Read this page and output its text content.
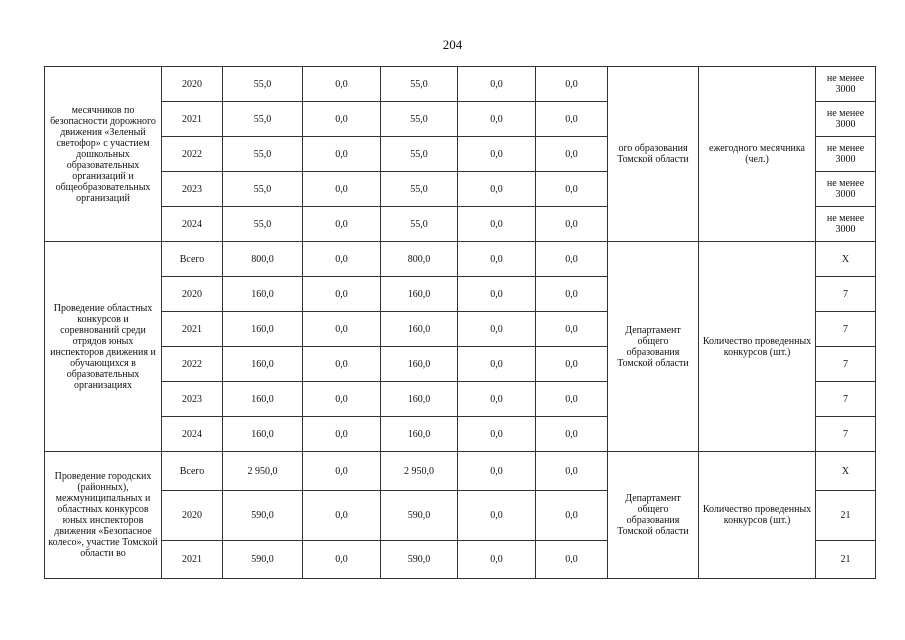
204
месячников по безопасности дорожного движения «Зеленый светофор» с участием дошкольных образовательных организаций и общеобразовательных организаций	2020	55,0	0,0	55,0	0,0	0,0	ого образования Томской области	ежегодного месячника (чел.)	не менее 3000
	2021	55,0	0,0	55,0	0,0	0,0			не менее 3000
	2022	55,0	0,0	55,0	0,0	0,0			не менее 3000
	2023	55,0	0,0	55,0	0,0	0,0			не менее 3000
	2024	55,0	0,0	55,0	0,0	0,0			не менее 3000
Проведение областных конкурсов и соревнований среди отрядов юных инспекторов движения и обучающихся в образовательных организациях	Всего	800,0	0,0	800,0	0,0	0,0	Департамент общего образования Томской области	Количество проведенных конкурсов (шт.)	Х
	2020	160,0	0,0	160,0	0,0	0,0			7
	2021	160,0	0,0	160,0	0,0	0,0			7
	2022	160,0	0,0	160,0	0,0	0,0			7
	2023	160,0	0,0	160,0	0,0	0,0			7
	2024	160,0	0,0	160,0	0,0	0,0			7
Проведение городских (районных), межмуниципальных и областных конкурсов юных инспекторов движения «Безопасное колесо», участие Томской области во	Всего	2 950,0	0,0	2 950,0	0,0	0,0	Департамент общего образования Томской области	Количество проведенных конкурсов (шт.)	Х
	2020	590,0	0,0	590,0	0,0	0,0			21
	2021	590,0	0,0	590,0	0,0	0,0			21
